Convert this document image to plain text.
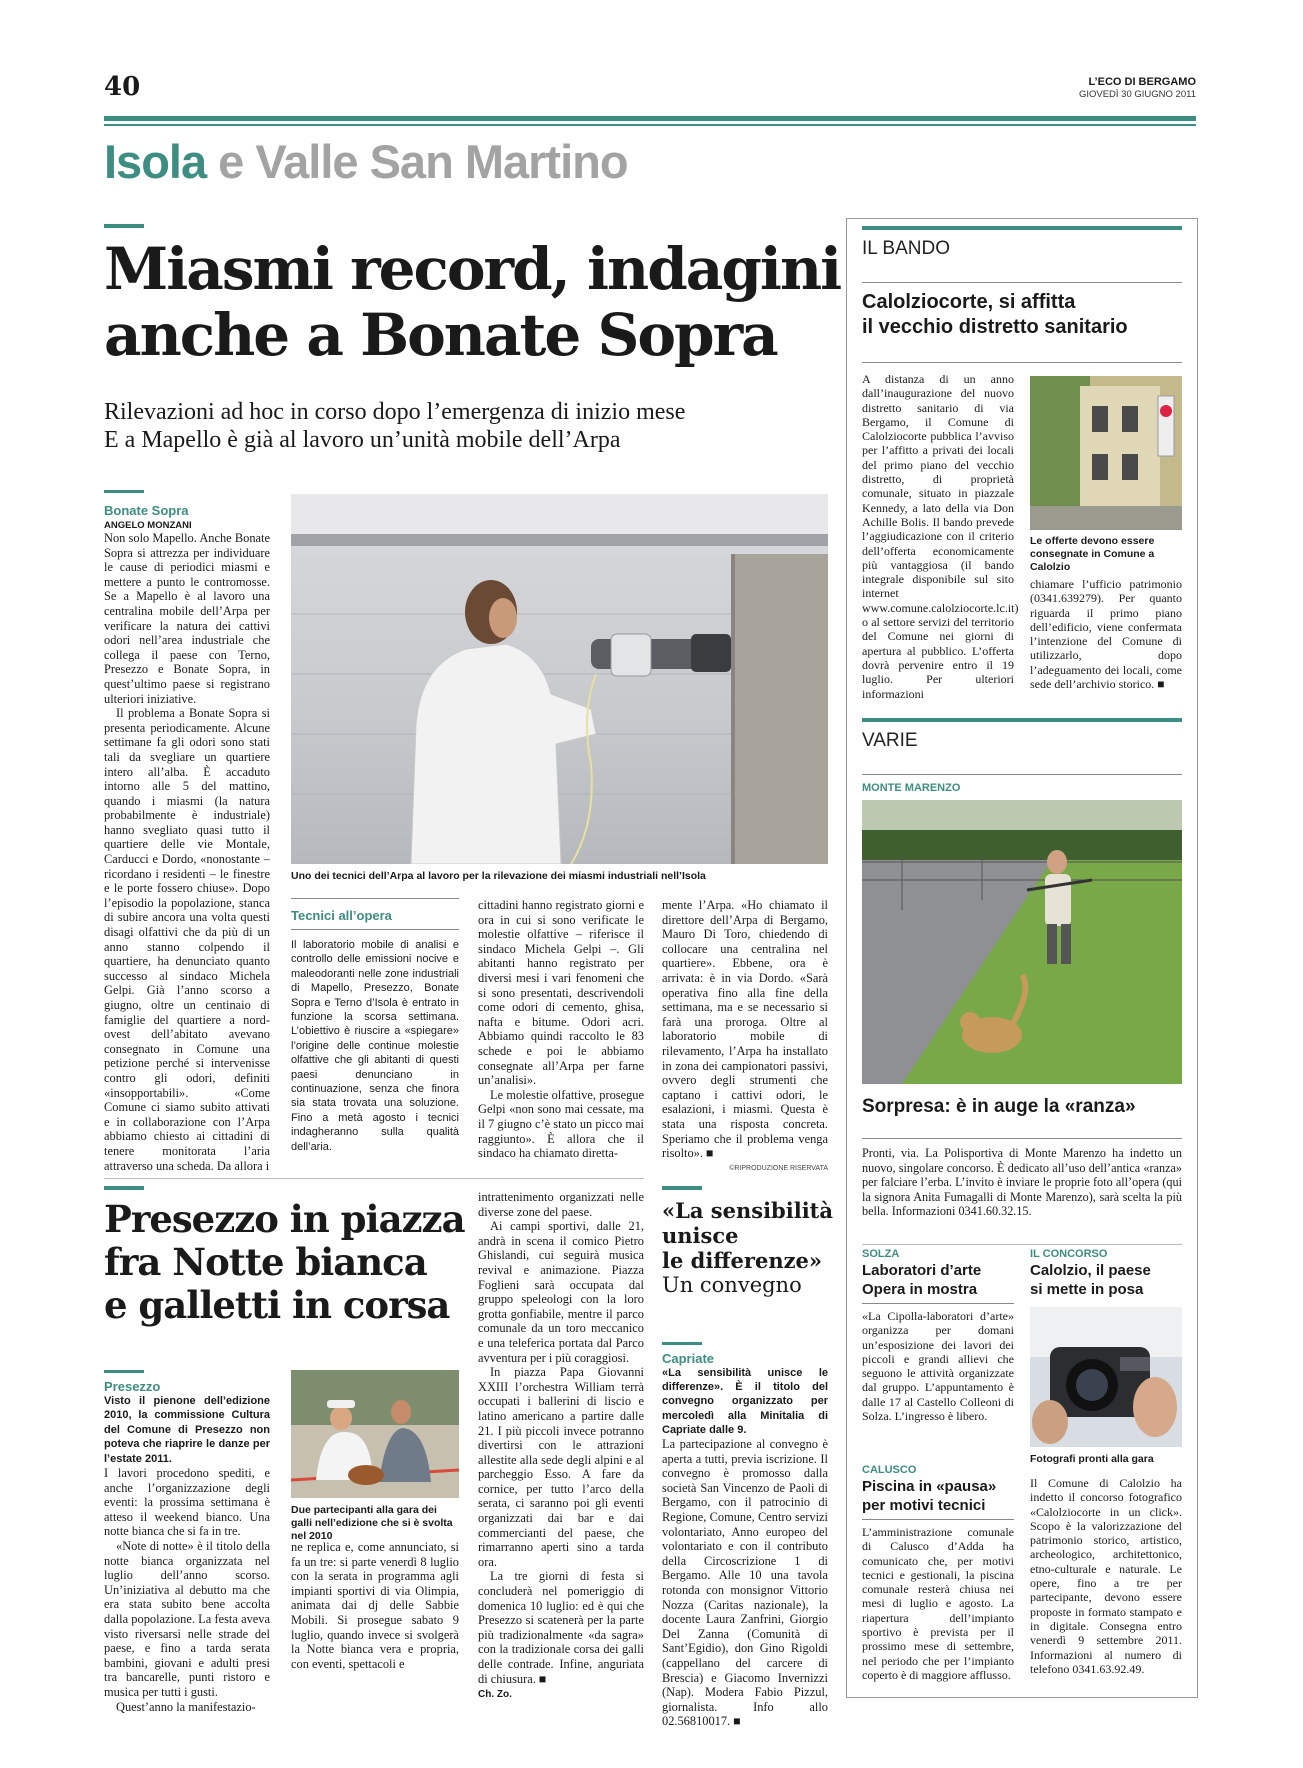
40	L’ECO DI BERGAMO
GIOVEDÌ 30 GIUGNO 2011
Isola e Valle San Martino
Miasmi record, indagini
anche a Bonate Sopra
Rilevazioni ad hoc in corso dopo l’emergenza di inizio mese
E a Mapello è già al lavoro un’unità mobile dell’Arpa
Bonate Sopra
ANGELO MONZANI

Non solo Mapello. Anche Bonate Sopra si attrezza per individuare le cause di periodici miasmi e mettere a punto le contromosse. Se a Mapello è al lavoro una centralina mobile dell’Arpa per verificare la natura dei cattivi odori nell’area industriale che collega il paese con Terno, Presezzo e Bonate Sopra, in quest’ultimo paese si registrano ulteriori iniziative.

Il problema a Bonate Sopra si presenta periodicamente. Alcune settimane fa gli odori sono stati tali da svegliare un quartiere intero all’alba. È accaduto intorno alle 5 del mattino, quando i miasmi (la natura probabilmente è industriale) hanno svegliato quasi tutto il quartiere delle vie Montale, Carducci e Dordo, «nonostante – ricordano i residenti – le finestre e le porte fossero chiuse». Dopo l’episodio la popolazione, stanca di subire ancora una volta questi disagi olfattivi che da più di un anno stanno colpendo il quartiere, ha denunciato quanto successo al sindaco Michela Gelpi. Già l’anno scorso a giugno, oltre un centinaio di famiglie del quartiere a nord-ovest dell’abitato avevano consegnato in Comune una petizione perché si intervenisse contro gli odori, definiti «insopportabili». «Come Comune ci siamo subito attivati e in collaborazione con l’Arpa abbiamo chiesto ai cittadini di tenere monitorata l’aria attraverso una scheda. Da allora i

Uno dei tecnici dell’Arpa al lavoro per la rilevazione dei miasmi industriali nell’Isola
Tecnici all’opera

Il laboratorio mobile di analisi e controllo delle emissioni nocive e maleodoranti nelle zone industriali di Mapello, Presezzo, Bonate Sopra e Terno d’Isola è entrato in funzione la scorsa settimana. L’obiettivo è riuscire a «spiegare» l’origine delle continue molestie olfattive che gli abitanti di questi paesi denunciano in continuazione, senza che finora sia stata trovata una soluzione. Fino a metà agosto i tecnici indagheranno sulla qualità dell’aria.

cittadini hanno registrato giorni e ora in cui si sono verificate le molestie olfattive – riferisce il sindaco Michela Gelpi –. Gli abitanti hanno registrato per diversi mesi i vari fenomeni che si sono presentati, descrivendoli come odori di cemento, ghisa, nafta e bitume. Odori acri. Abbiamo quindi raccolto le 83 schede e poi le abbiamo consegnate all’Arpa per farne un’analisi».

Le molestie olfattive, prosegue Gelpi «non sono mai cessate, ma il 7 giugno c’è stato un picco mai raggiunto». È allora che il sindaco ha chiamato diretta-

mente l’Arpa. «Ho chiamato il direttore dell’Arpa di Bergamo, Mauro Di Toro, chiedendo di collocare una centralina nel quartiere». Ebbene, ora è arrivata: è in via Dordo. «Sarà operativa fino alla fine della settimana, ma e se necessario si farà una proroga. Oltre al laboratorio mobile di rilevamento, l’Arpa ha installato in zona dei campionatori passivi, ovvero degli strumenti che captano i cattivi odori, le esalazioni, i miasmi. Questa è stata una risposta concreta. Speriamo che il problema venga risolto». ■

©RIPRODUZIONE RISERVATA
Presezzo in piazza
fra Notte bianca
e galletti in corsa
Presezzo

Visto il pienone dell’edizione 2010, la commissione Cultura del Comune di Presezzo non poteva che riaprire le danze per l’estate 2011.

I lavori procedono spediti, e anche l’organizzazione degli eventi: la prossima settimana è atteso il weekend bianco. Una notte bianca che si fa in tre.

«Note di notte» è il titolo della notte bianca organizzata nel luglio dell’anno scorso. Un’iniziativa al debutto ma che era stata subito bene accolta dalla popolazione. La festa aveva visto riversarsi nelle strade del paese, e fino a tarda serata bambini, giovani e adulti presi tra bancarelle, punti ristoro e musica per tutti i gusti.

Quest’anno la manifestazio-

Due partecipanti alla gara dei galli nell’edizione che si è svolta nel 2010

ne replica e, come annunciato, si fa un tre: si parte venerdì 8 luglio con la serata in programma agli impianti sportivi di via Olimpia, animata dai dj delle Sabbie Mobili. Si prosegue sabato 9 luglio, quando invece si svolgerà la Notte bianca vera e propria, con eventi, spettacoli e

intrattenimento organizzati nelle diverse zone del paese.

Ai campi sportivi, dalle 21, andrà in scena il comico Pietro Ghislandi, cui seguirà musica revival e animazione. Piazza Foglieni sarà occupata dal gruppo speleologi con la loro grotta gonfiabile, mentre il parco comunale da un toro meccanico e una teleferica portata dal Parco avventura per i più coraggiosi.

In piazza Papa Giovanni XXIII l’orchestra William terrà occupati i ballerini di liscio e latino americano a partire dalle 21. I più piccoli invece potranno divertirsi con le attrazioni allestite alla sede degli alpini e al parcheggio Esso. A fare da cornice, per tutto l’arco della serata, ci saranno poi gli eventi organizzati dai bar e dai commercianti del paese, che rimarranno aperti sino a tarda ora.

La tre giorni di festa si concluderà nel pomeriggio di domenica 10 luglio: ed è qui che Presezzo si scatenerà per la parte più tradizionalmente «da sagra» con la tradizionale corsa dei galli delle contrade. Infine, anguriata di chiusura. ■

Ch. Zo.
«La sensibilità
unisce
le differenze»
Un convegno
Capriate

«La sensibilità unisce le differenze». È il titolo del convegno organizzato per mercoledì alla Minitalia di Capriate dalle 9.

La partecipazione al convegno è aperta a tutti, previa iscrizione. Il convegno è promosso dalla società San Vincenzo de Paoli di Bergamo, con il patrocinio di Regione, Comune, Centro servizi volontariato, Anno europeo del volontariato e con il contributo della Circoscrizione 1 di Bergamo. Alle 10 una tavola rotonda con monsignor Vittorio Nozza (Caritas nazionale), la docente Laura Zanfrini, Giorgio Del Zanna (Comunità di Sant’Egidio), don Gino Rigoldi (cappellano del carcere di Brescia) e Giacomo Invernizzi (Nap). Modera Fabio Pizzul, giornalista. Info allo 02.56810017. ■

IL BANDO
Calolziocorte, si affitta
il vecchio distretto sanitario

A distanza di un anno dall’inaugurazione del nuovo distretto sanitario di via Bergamo, il Comune di Calolziocorte pubblica l’avviso per l’affitto a privati dei locali del primo piano del vecchio distretto, di proprietà comunale, situato in piazzale Kennedy, a lato della via Don Achille Bolis. Il bando prevede l’aggiudicazione con il criterio dell’offerta economicamente più vantaggiosa (il bando integrale disponibile sul sito internet www.comune.calolziocorte.lc.it) o al settore servizi del territorio del Comune nei giorni di apertura al pubblico. L’offerta dovrà pervenire entro il 19 luglio. Per ulteriori informazioni

Le offerte devono essere consegnate in Comune a Calolzio

chiamare l’ufficio patrimonio (0341.639279). Per quanto riguarda il primo piano dell’edificio, viene confermata l’intenzione del Comune di utilizzarlo, dopo l’adeguamento dei locali, come sede dell’archivio storico. ■

VARIE
MONTE MARENZO
Sorpresa: è in auge la «ranza»

Pronti, via. La Polisportiva di Monte Marenzo ha indetto un nuovo, singolare concorso. È dedicato all’uso dell’antica «ranza» per falciare l’erba. L’invito è inviare le proprie foto all’opera (qui la signora Anita Fumagalli di Monte Marenzo), sarà scelta la più bella. Informazioni 0341.60.32.15.

SOLZA
Laboratori d’arte
Opera in mostra

«La Cipolla-laboratori d’arte» organizza per domani un’esposizione dei lavori dei piccoli e grandi allievi che seguono le attività organizzate dal gruppo. L’appuntamento è dalle 17 al Castello Colleoni di Solza. L’ingresso è libero.

CALUSCO
Piscina in «pausa»
per motivi tecnici

L’amministrazione comunale di Calusco d’Adda ha comunicato che, per motivi tecnici e gestionali, la piscina comunale resterà chiusa nei mesi di luglio e agosto. La riapertura dell’impianto sportivo è prevista per il prossimo mese di settembre, nel periodo che per l’impianto coperto è di maggiore afflusso.

IL CONCORSO
Calolzio, il paese
si mette in posa
Fotografi pronti alla gara

Il Comune di Calolzio ha indetto il concorso fotografico «Calolziocorte in un click». Scopo è la valorizzazione del patrimonio storico, artistico, archeologico, architettonico, etno-culturale e naturale. Le opere, fino a tre per partecipante, devono essere proposte in formato stampato e in digitale. Consegna entro venerdì 9 settembre 2011. Informazioni al numero di telefono 0341.63.92.49.
